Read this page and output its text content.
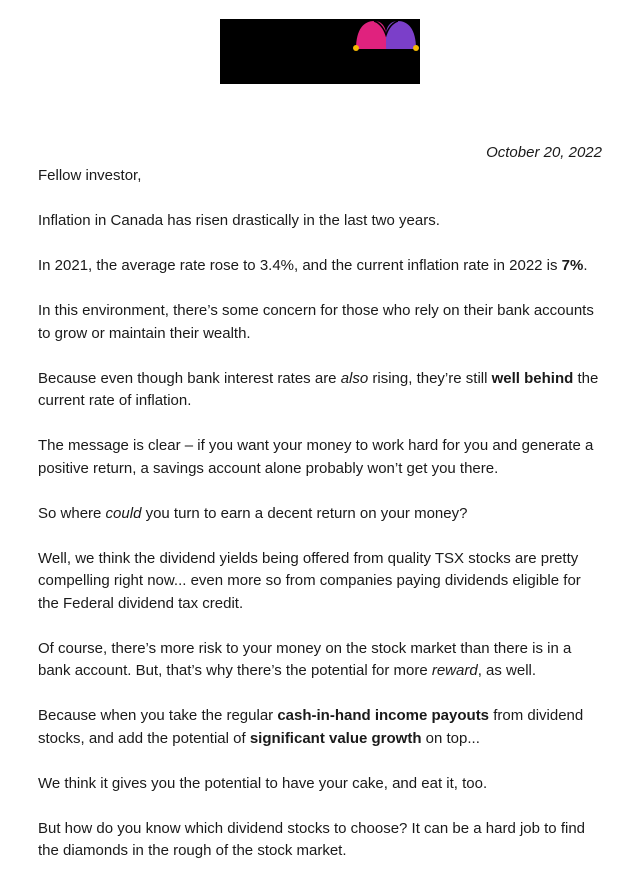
October 20, 2022

Fellow investor,

Inflation in Canada has risen drastically in the last two years.

In 2021, the average rate rose to 3.4%, and the current inflation rate in 2022 is 7%.

In this environment, there’s some concern for those who rely on their bank accounts to grow or maintain their wealth.

Because even though bank interest rates are also rising, they’re still well behind the current rate of inflation.

The message is clear – if you want your money to work hard for you and generate a positive return, a savings account alone probably won’t get you there.

So where could you turn to earn a decent return on your money?

Well, we think the dividend yields being offered from quality TSX stocks are pretty compelling right now... even more so from companies paying dividends eligible for the Federal dividend tax credit.

Of course, there’s more risk to your money on the stock market than there is in a bank account. But, that’s why there’s the potential for more reward, as well.

Because when you take the regular cash-in-hand income payouts from dividend stocks, and add the potential of significant value growth on top...

We think it gives you the potential to have your cake, and eat it, too.

But how do you know which dividend stocks to choose? It can be a hard job to find the diamonds in the rough of the stock market.
